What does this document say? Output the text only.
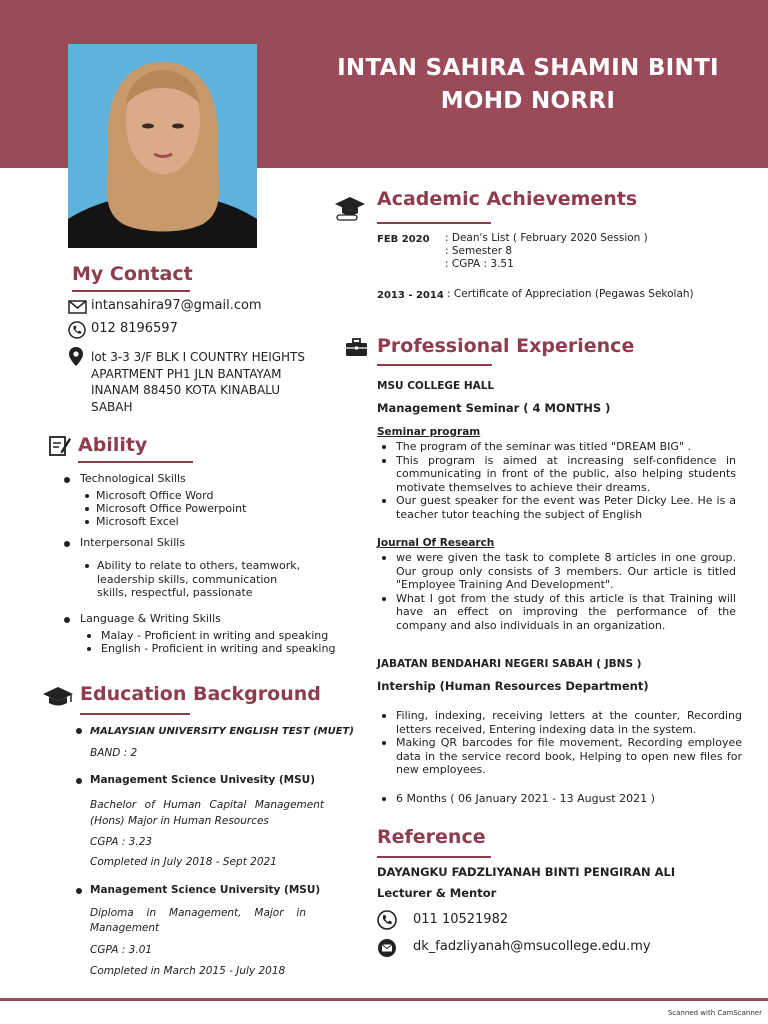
INTAN SAHIRA SHAMIN BINTI
MOHD NORRI
My Contact
intansahira97@gmail.com
012 8196597
lot 3-3 3/F BLK I COUNTRY HEIGHTS
APARTMENT PH1 JLN BANTAYAM
INANAM 88450 KOTA KINABALU
SABAH
Ability
Technological Skills
Microsoft Office Word
Microsoft Office Powerpoint
Microsoft Excel
Interpersonal Skills
Ability to relate to others, teamwork,
leadership skills, communication
skills, respectful, passionate
Language & Writing Skills
Malay - Proficient in writing and speaking
English - Proficient in writing and speaking
Education Background
MALAYSIAN UNIVERSITY ENGLISH TEST (MUET)
BAND : 2
Management Science Univesity (MSU)
Bachelor of Human Capital Management
(Hons) Major in Human Resources
CGPA : 3.23
Completed in July 2018 - Sept 2021
Management Science University (MSU)
Diploma in Management, Major in
Management
CGPA : 3.01
Completed in March 2015 - July 2018
Academic Achievements
FEB 2020 : Dean's List ( February 2020 Session )
: Semester 8
: CGPA : 3.51
2013 - 2014 : Certificate of Appreciation (Pegawas Sekolah)
Professional Experience
MSU COLLEGE HALL
Management Seminar ( 4 MONTHS )
Seminar program
The program of the seminar was titled "DREAM BIG" .
This program is aimed at increasing self-confidence in communicating in front of the public, also helping students motivate themselves to achieve their dreams.
Our guest speaker for the event was Peter Dicky Lee. He is a teacher tutor teaching the subject of English
Journal Of Research
we were given the task to complete 8 articles in one group. Our group only consists of 3 members. Our article is titled "Employee Training And Development".
What I got from the study of this article is that Training will have an effect on improving the performance of the company and also individuals in an organization.
JABATAN BENDAHARI NEGERI SABAH ( JBNS )
Intership (Human Resources Department)
Filing, indexing, receiving letters at the counter, Recording letters received, Entering indexing data in the system.
Making QR barcodes for file movement, Recording employee data in the service record book, Helping to open new files for new employees.
6 Months ( 06 January 2021 - 13 August 2021 )
Reference
DAYANGKU FADZLIYANAH BINTI PENGIRAN ALI
Lecturer & Mentor
011 10521982
dk_fadzliyanah@msucollege.edu.my
Scanned with CamScanner
